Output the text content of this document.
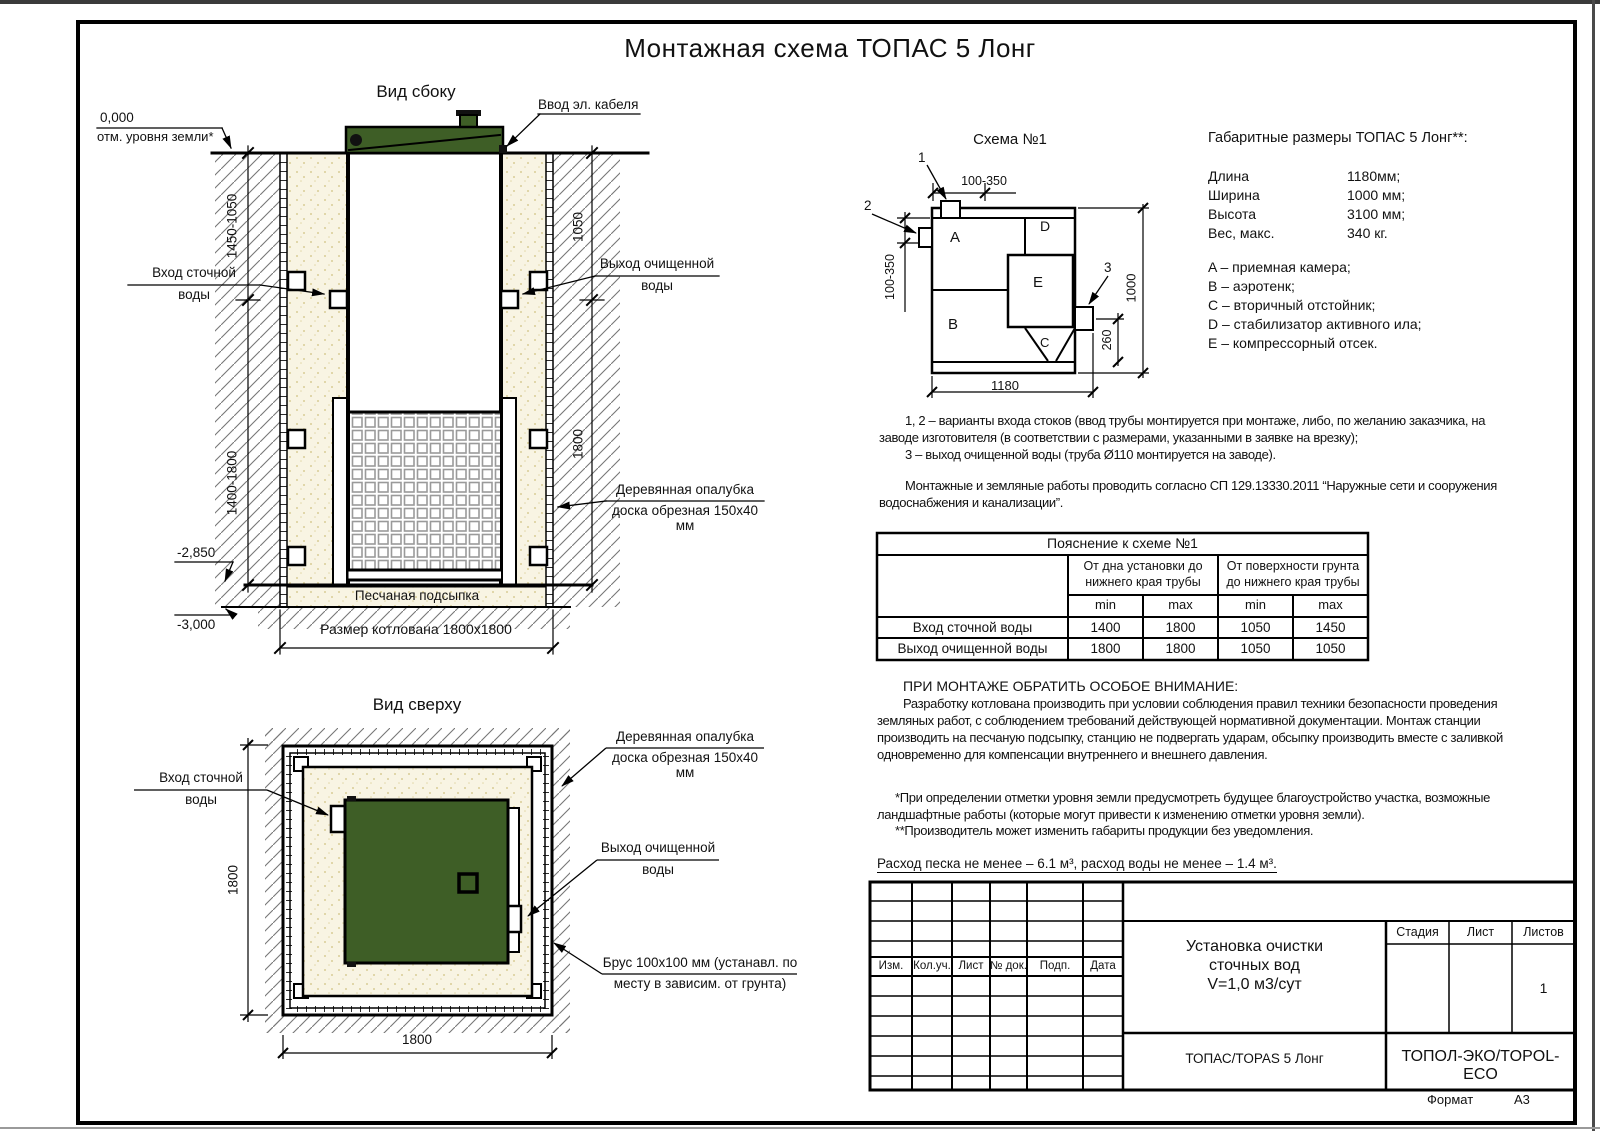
Монтажная схема ТОПАС 5 Лонг
Вид сбоку
0,000
отм. уровня земли*
Ввод эл. кабеля
1450-1050	1050
Вход сточной
воды
Выход очищенной
воды
1400-1800
1800
Деревянная опалубка
доска обрезная 150x40 мм
-2,850
Песчаная подсыпка
-3,000	Размер котлована 1800x1800
Вид сверху
Вход сточной
воды
Деревянная опалубка
доска обрезная 150x40 мм
Выход очищенной
воды
Брус 100x100 мм (устанавл. по
месту в зависим. от грунта)
1800
1800
Схема №1
1
2
3
100-350
100-350	1000
260
1180
A
B
C
D
E
Габаритные размеры ТОПАС 5 Лонг**:
Длина	1180мм;
Ширина	1000 мм;
Высота	3100 мм;
Вес, макс.	340 кг.
A – приемная камера;
B – аэротенк;
C – вторичный отстойник;
D – стабилизатор активного ила;
E – компрессорный отсек.
1, 2 – варианты входа стоков (ввод трубы монтируется при монтаже, либо, по желанию заказчика, на
заводе изготовителя (в соответствии с размерами, указанными в заявке на врезку);
3 – выход очищенной воды (труба Ø110 монтируется на заводе).
Монтажные и земляные работы проводить согласно СП 129.13330.2011 “Наружные сети и сооружения
водоснабжения и канализации”.
Пояснение к схеме №1
От дна установки до
нижнего края трубы
От поверхности грунта
до нижнего края трубы
min	max	min	max
Вход сточной воды	1400	1800	1050	1450
Выход очищенной воды	1800	1800	1050	1050
ПРИ МОНТАЖЕ ОБРАТИТЬ ОСОБОЕ ВНИМАНИЕ:
Разработку котлована производить при условии соблюдения правил техники безопасности проведения
земляных работ, с соблюдением требований действующей нормативной документации. Монтаж станции
производить на песчаную подсыпку, станцию не подвергать ударам, обсыпку производить вместе с заливкой
одновременно для компенсации внутреннего и внешнего давления.
*При определении отметки уровня земли предусмотреть будущее благоустройство участка, возможные
ландшафтные работы (которые могут привести к изменению отметки уровня земли).
**Производитель может изменить габариты продукции без уведомления.
Расход песка не менее – 6.1 м³, расход воды не менее – 1.4 м³.
Изм. Кол.уч. Лист № док.	Подп.	Дата
Установка очистки
сточных вод
V=1,0 м3/сут
Стадия	Лист	Листов
1
ТОПАС/TOPAS 5 Лонг	ТОПОЛ-ЭКО/TOPOL-ECO
Формат	А3
